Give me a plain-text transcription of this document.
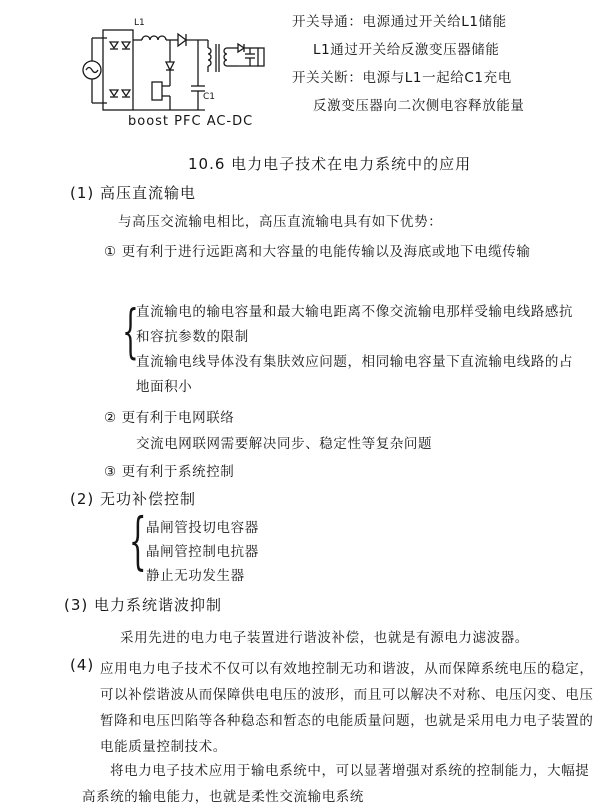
L1
C1
boost PFC AC-DC
开关导通：电源通过开关给L1储能
L1通过开关给反激变压器储能
开关关断：电源与L1一起给C1充电
反激变压器向二次侧电容释放能量
10.6 电力电子技术在电力系统中的应用
(1) 高压直流输电
与高压交流输电相比，高压直流输电具有如下优势：
① 更有利于进行远距离和大容量的电能传输以及海底或地下电缆传输
{
直流输电的输电容量和最大输电距离不像交流输电那样受输电线路感抗和容抗参数的限制
直流输电线导体没有集肤效应问题，相同输电容量下直流输电线路的占地面积小
② 更有利于电网联络
交流电网联网需要解决同步、稳定性等复杂问题
③ 更有利于系统控制
(2) 无功补偿控制
{ 晶闸管投切电容器
晶闸管控制电抗器
静止无功发生器
(3) 电力系统谐波抑制
采用先进的电力电子装置进行谐波补偿，也就是有源电力滤波器。
(4) 应用电力电子技术不仅可以有效地控制无功和谐波，从而保障系统电压的稳定，可以补偿谐波从而保障供电电压的波形，而且可以解决不对称、电压闪变、电压暂降和电压凹陷等各种稳态和暂态的电能质量问题，也就是采用电力电子装置的电能质量控制技术。
将电力电子技术应用于输电系统中，可以显著增强对系统的控制能力，大幅提高系统的输电能力，也就是柔性交流输电系统
